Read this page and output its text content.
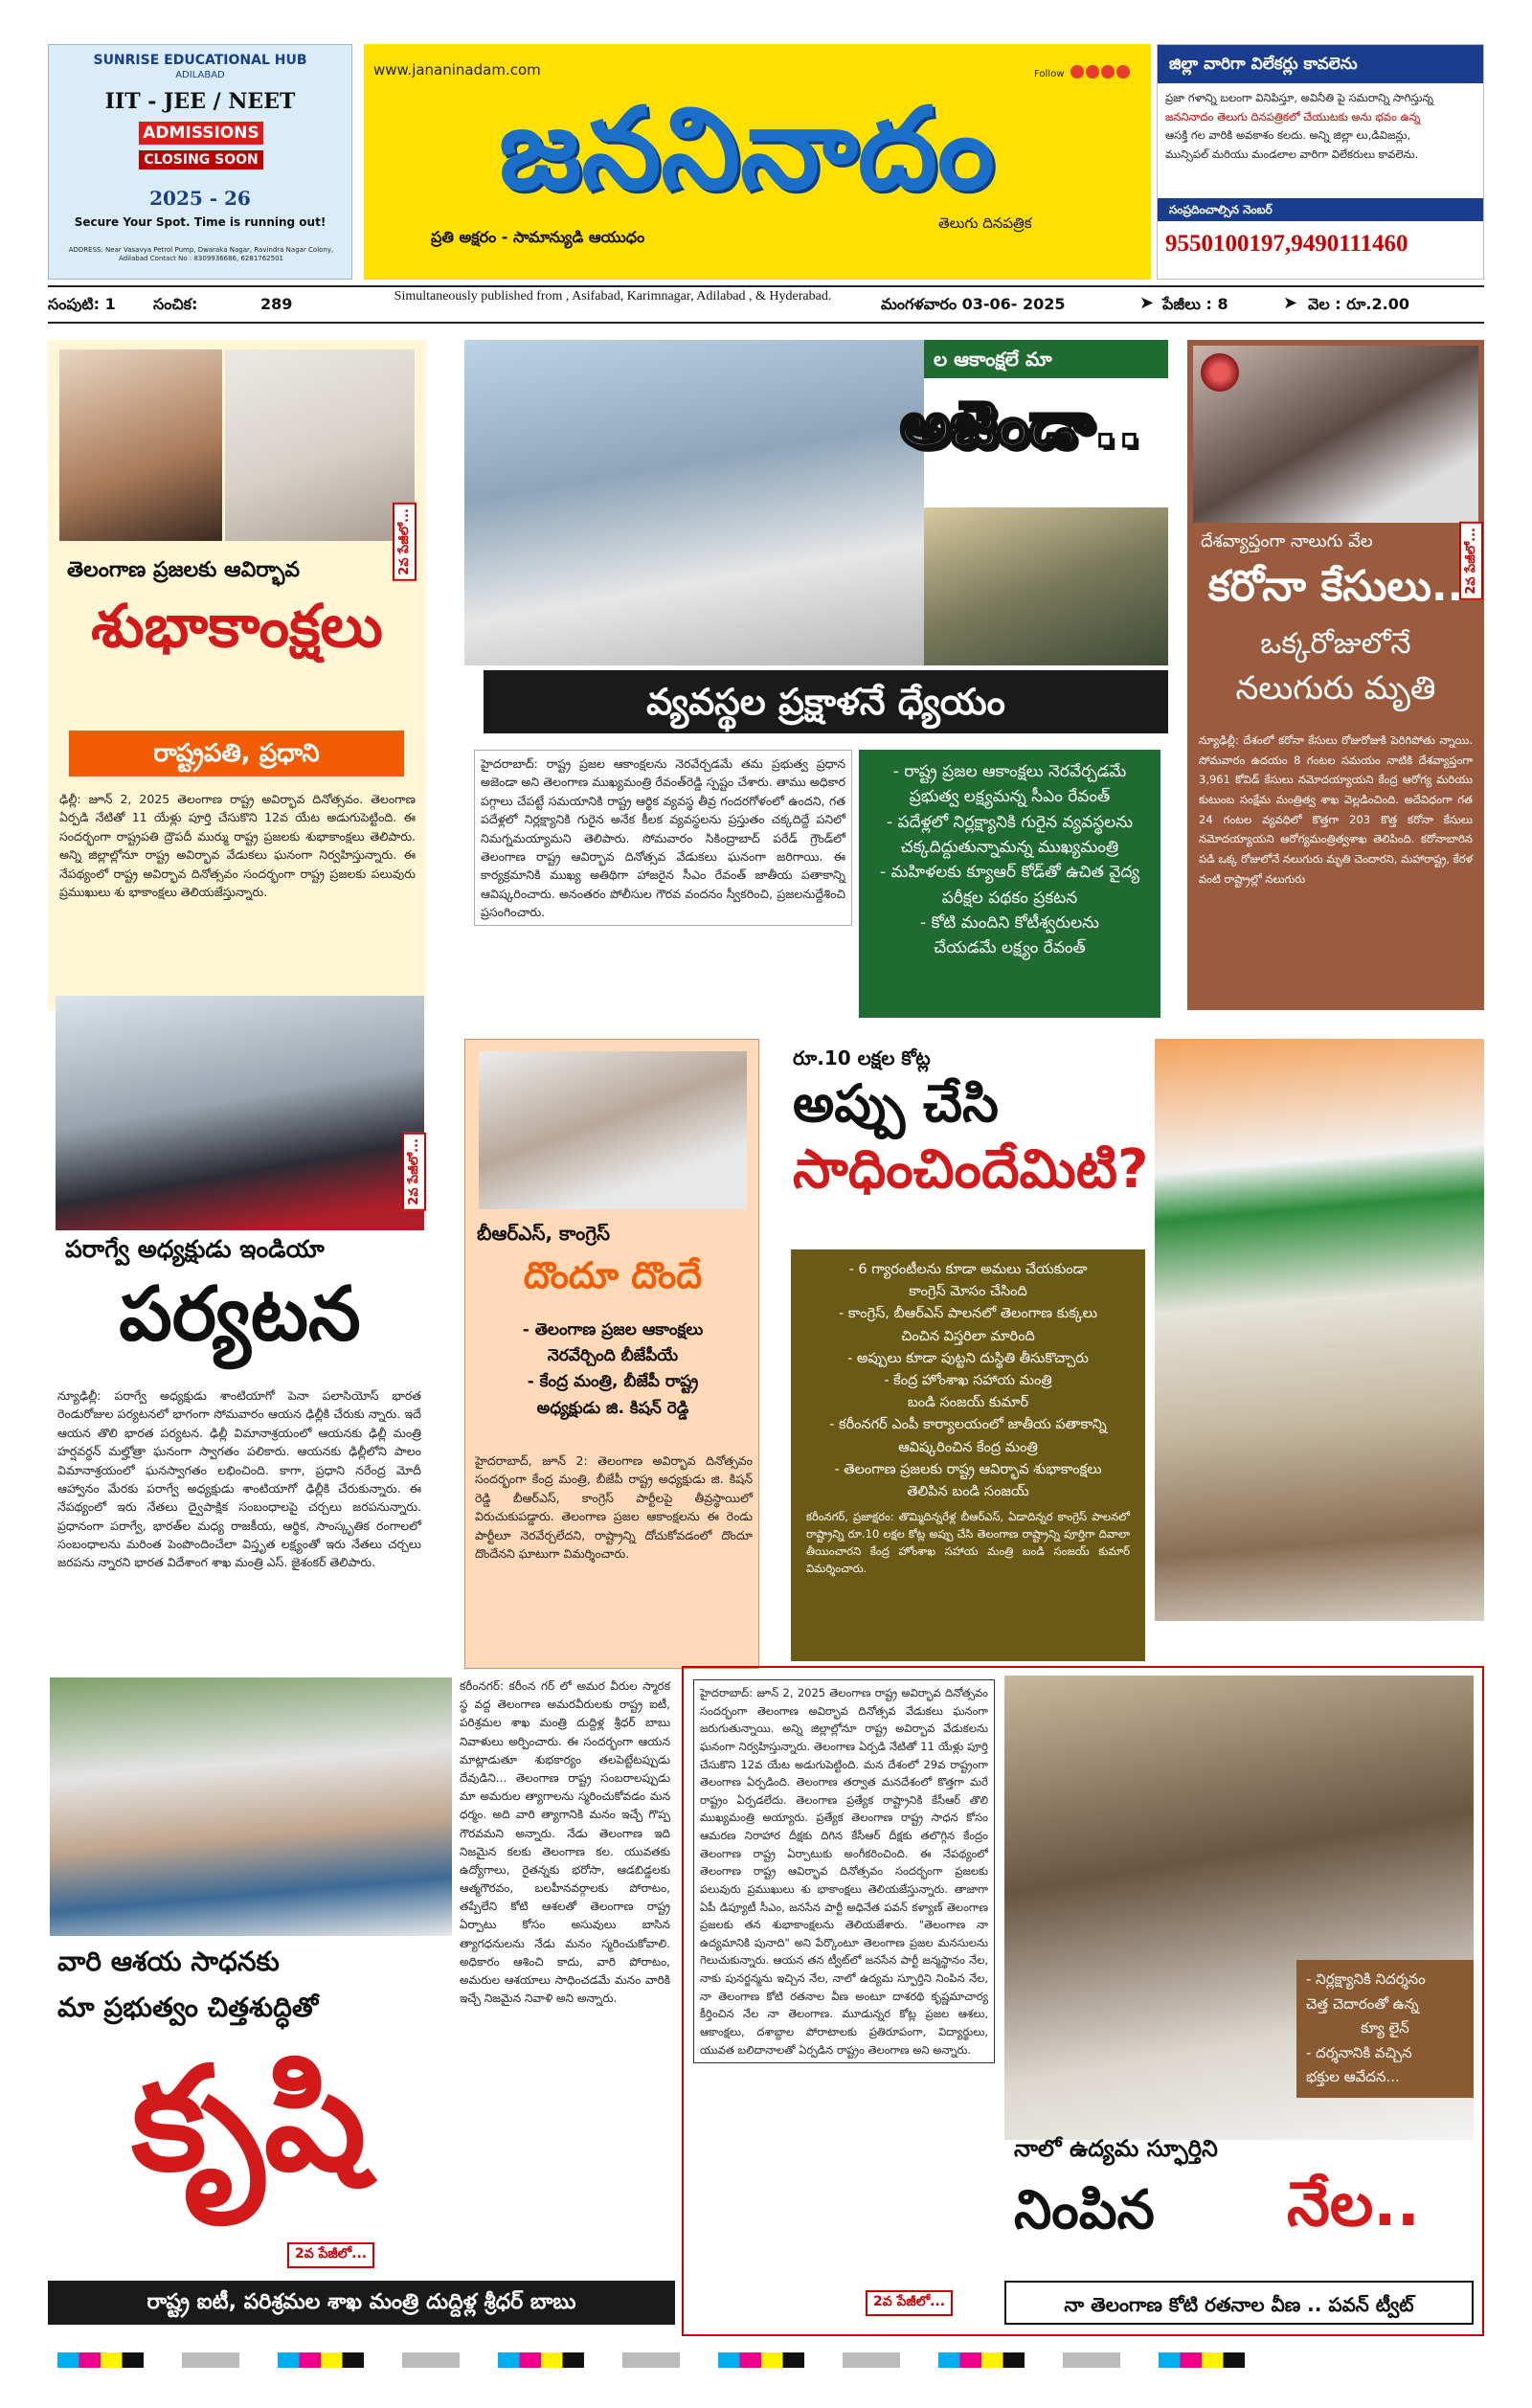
SUNRISE EDUCATIONAL HUB
ADILABAD
IIT - JEE / NEET
ADMISSIONS
CLOSING SOON
2025 - 26
Secure Your Spot. Time is running out!
ADDRESS: Near Vasavya Petrol Pump, Dwaraka Nagar, Ravindra Nagar Colony, Adilabad Contact No : 8309936686, 6281762501
www.jananinadam.com	Follow
జననినాదం
ప్రతి అక్షరం - సామాన్యుడి ఆయుధం
తెలుగు దినపత్రిక
జిల్లా వారిగా విలేకర్లు కావలెను
ప్రజా గళాన్ని బలంగా వినిపిస్తూ, అవినీతి పై సమరాన్ని సాగిస్తున్న
జననినాదం తెలుగు దినపత్రికలో చేయుటకు అను భవం ఉన్న
ఆసక్తి గల వారికి అవకాశం కలదు. అన్ని జిల్లా లు,డివిజన్లు,
మున్సిపల్ మరియు మండలాల వారిగా విలేకరులు కావలెను.
సంప్రదించాల్సిన నెంబర్
9550100197,9490111460
సంపుటి: 1 సంచిక:	289	Simultaneously published from , Asifabad, Karimnagar, Adilabad , & Hyderabad.	మంగళవారం 03-06- 2025	➤ పేజీలు : 8	➤ వెల : రూ.2.00
2వ పేజీలో...
తెలంగాణ ప్రజలకు ఆవిర్భావ
శుభాకాంక్షలు
రాష్ట్రపతి, ప్రధాని
ఢిల్లీ: జూన్ 2, 2025 తెలంగాణ రాష్ట్ర అవిర్భావ దినోత్సవం. తెలంగాణ ఏర్పడి నేటితో 11 యేళ్లు పూర్తి చేసుకొని 12వ యేట అడుగుపెట్టింది. ఈ సందర్భంగా రాష్ట్రపతి ద్రౌపదీ ముర్ము రాష్ట్ర ప్రజలకు శుభాకాంక్షలు తెలిపారు. అన్ని జిల్లాల్లోనూ రాష్ట్ర అవిర్భావ వేడుకలు ఘనంగా నిర్వహిస్తున్నారు. ఈ నేపథ్యంలో రాష్ట్ర అవిర్భావ దినోత్సవం సందర్భంగా రాష్ట్ర ప్రజలకు పలువురు ప్రముఖులు శు భాకాంక్షలు తెలియజేస్తున్నారు.
ల ఆకాంక్షలే మా
అజెండా..
వ్యవస్థల ప్రక్షాళనే ధ్యేయం
హైదరాబాద్: రాష్ట్ర ప్రజల ఆకాంక్షలను నెరవేర్చడమే తమ ప్రభుత్వ ప్రధాన అజెండా అని తెలంగాణ ముఖ్యమంత్రి రేవంత్‌రెడ్డి స్పష్టం చేశారు. తాము అధికార పగ్గాలు చేపట్టే సమయానికి రాష్ట్ర ఆర్థిక వ్యవస్థ తీవ్ర గందరగోళంలో ఉందని, గత పదేళ్లలో నిర్లక్ష్యానికి గురైన అనేక కీలక వ్యవస్థలను ప్రస్తుతం చక్కదిద్దే పనిలో నిమగ్నమయ్యామని తెలిపారు. సోమవారం సికింద్రాబాద్ పరేడ్ గ్రౌండ్‌లో తెలంగాణ రాష్ట్ర ఆవిర్భావ దినోత్సవ వేడుకలు ఘనంగా జరిగాయి. ఈ కార్యక్రమానికి ముఖ్య అతిథిగా హాజరైన సీఎం రేవంత్ జాతీయ పతాకాన్ని ఆవిష్కరించారు. అనంతరం పోలీసుల గౌరవ వందనం స్వీకరించి, ప్రజలనుద్దేశించి ప్రసంగించారు.
- రాష్ట్ర ప్రజల ఆకాంక్షలు నెరవేర్చడమే
ప్రభుత్వ లక్ష్యమన్న సీఎం రేవంత్
- పదేళ్లలో నిర్లక్ష్యానికి గురైన వ్యవస్థలను
చక్కదిద్దుతున్నామన్న ముఖ్యమంత్రి
- మహిళలకు క్యూఆర్ కోడ్‌తో ఉచిత వైద్య
పరీక్షల పథకం ప్రకటన
- కోటి మందిని కోటీశ్వరులను
చేయడమే లక్ష్యం రేవంత్
2వ పేజీలో...
దేశవ్యాప్తంగా నాలుగు వేల
కరోనా కేసులు..
ఒక్కరోజులోనే
నలుగురు మృతి
న్యూఢిల్లీ: దేశంలో కరోనా కేసులు రోజురోజుకి పెరిగిపోతు న్నాయి. సోమవారం ఉదయం 8 గంటల సమయం నాటికి దేశవ్యాప్తంగా 3,961 కోవిడ్ కేసులు నమోదయ్యాయని కేంద్ర ఆరోగ్య మరియు కుటుంబ సంక్షేమ మంత్రిత్వ శాఖ వెల్లడించింది. అదేవిధంగా గత 24 గంటల వ్యవధిలో కొత్తగా 203 కొత్త కరోనా కేసులు నమోదయ్యాయని ఆరోగ్యమంత్రిత్వశాఖ తెలిపింది. కరోనాబారిన పడి ఒక్క రోజులోనే నలుగురు మృతి చెందారని, మహారాష్ట్ర, కేరళ వంటి రాష్ట్రాల్లో నలుగురు
2వ పేజీలో...
పరాగ్వే అధ్యక్షుడు ఇండియా
పర్యటన
న్యూఢిల్లీ: పరాగ్వే అధ్యక్షుడు శాంటియాగో పెనా పలాసియోస్ భారత రెండురోజుల పర్యటనలో భాగంగా సోమవారం ఆయన ఢిల్లీకి చేరుకు న్నారు. ఇదే ఆయన తొలి భారత పర్యటన. ఢిల్లీ విమానాశ్రయంలో ఆయనకు ఢిల్లీ మంత్రి హర్షవర్ధన్ మల్హోత్రా ఘనంగా స్వాగతం పలికారు. ఆయనకు ఢిల్లీలోని పాలం విమానాశ్రయంలో ఘనస్వాగతం లభించింది. కాగా, ప్రధాని నరేంద్ర మోదీ ఆహ్వానం మేరకు పరాగ్వే అధ్యక్షుడు శాంటియాగో ఢిల్లీకి చేరుకున్నారు. ఈ నేపథ్యంలో ఇరు నేతలు ద్వైపాక్షిక సంబంధాలపై చర్చలు జరపనున్నారు. ప్రధానంగా పరాగ్వే, భారత్‌ల మధ్య రాజకీయ, ఆర్థిక, సాంస్కృతిక రంగాలలో సంబంధాలను మరింత పెంపొందించేలా విస్తృత లక్ష్యంతో ఇరు నేతలు చర్చలు జరపను న్నారని భారత విదేశాంగ శాఖ మంత్రి ఎస్. జైశంకర్ తెలిపారు.
బీఆర్ఎస్, కాంగ్రెస్
దొందూ దొందే
- తెలంగాణ ప్రజల ఆకాంక్షలు
నెరవేర్చింది బీజేపీయే
- కేంద్ర మంత్రి, బీజేపీ రాష్ట్ర
అధ్యక్షుడు జి. కిషన్ రెడ్డి
హైదరాబాద్, జూన్ 2: తెలంగాణ అవిర్భావ దినోత్సవం సందర్భంగా కేంద్ర మంత్రి, బీజేపీ రాష్ట్ర అధ్యక్షుడు జి. కిషన్ రెడ్డి బీఆర్ఎస్, కాంగ్రెస్ పార్టీలపై తీవ్రస్థాయిలో విరుచుకుపడ్డారు. తెలంగాణ ప్రజల ఆకాంక్షలను ఈ రెండు పార్టీలూ నెరవేర్చలేదని, రాష్ట్రాన్ని దోచుకోవడంలో దొందూ దొందేనని ఘాటుగా విమర్శించారు.
రూ.10 లక్షల కోట్ల
అప్పు చేసి
సాధించిందేమిటి?
- 6 గ్యారంటీలను కూడా అమలు చేయకుండా
కాంగ్రెస్ మోసం చేసింది
- కాంగ్రెస్, బీఆర్ఎస్ పాలనలో తెలంగాణ కుక్కలు
చించిన విస్తరిలా మారింది
- అప్పులు కూడా పుట్టని దుస్థితి తీసుకొచ్చారు
- కేంద్ర హోంశాఖ సహాయ మంత్రి
బండి సంజయ్ కుమార్
- కరీంనగర్ ఎంపీ కార్యాలయంలో జాతీయ పతాకాన్ని
ఆవిష్కరించిన కేంద్ర మంత్రి
- తెలంగాణ ప్రజలకు రాష్ట్ర ఆవిర్భావ శుభాకాంక్షలు
తెలిపిన బండి సంజయ్
కరీంనగర్, ప్రజాక్షరం: తొమ్మిదిన్నరేళ్ల బీఆర్ఎస్, ఏడాదిన్నర కాంగ్రెస్ పాలనలో రాష్ట్రాన్ని రూ.10 లక్షల కోట్ల అప్పు చేసి తెలంగాణ రాష్ట్రాన్ని పూర్తిగా దివాలా తీయించారని కేంద్ర హోంశాఖ సహాయ మంత్రి బండి సంజయ్ కుమార్ విమర్శించారు.
కరీంనగర్: కరీంన గర్ లో అమర వీరుల స్మారక స్థ వద్ద తెలంగాణ అమరవీరులకు రాష్ట్ర ఐటీ, పరిశ్రమల శాఖ మంత్రి దుద్దిళ్ల శ్రీధర్ బాబు నివాళులు అర్పించారు. ఈ సందర్భంగా ఆయన మాట్లాడుతూ శుభకార్యం తలపెట్టేటప్పుడు దేవుడిని... తెలంగాణ రాష్ట్ర సంబరాలప్పుడు మా అమరుల త్యాగాలను స్మరించుకోవడం మన ధర్మం. అది వారి త్యాగానికి మనం ఇచ్చే గొప్ప గౌరవమని అన్నారు. నేడు తెలంగాణ ఇది నిజమైన కలకు తెలంగాణ కల. యువతకు ఉద్యోగాలు, రైతన్నకు భరోసా, ఆడబిడ్డలకు ఆత్మగౌరవం, బలహీనవర్గాలకు పోరాటం, తప్పేలేని కోటి ఆశలతో తెలంగాణ రాష్ట్ర ఏర్పాటు కోసం అసువులు బాసిన త్యాగధనులను నేడు మనం స్మరించుకోవాలి. అధికారం ఆశించి కాదు, వారి పోరాటం, అమరుల ఆశయాలు సాధించడమే మనం వారికి ఇచ్చే నిజమైన నివాళి అని అన్నారు.
వారి ఆశయ సాధనకు
మా ప్రభుత్వం చిత్తశుద్ధితో
కృషి
2వ పేజీలో...
రాష్ట్ర ఐటీ, పరిశ్రమల శాఖ మంత్రి దుద్దిళ్ల శ్రీధర్ బాబు
హైదరాబాద్: జూన్ 2, 2025 తెలంగాణ రాష్ట్ర అవిర్భావ దినోత్సవం సందర్భంగా తెలంగాణ అవిర్భావ దినోత్సవ వేడుకలు ఘనంగా జరుగుతున్నాయి. అన్ని జిల్లాల్లోనూ రాష్ట్ర అవిర్భావ వేడుకలను ఘనంగా నిర్వహిస్తున్నారు. తెలంగాణ ఏర్పడి నేటితో 11 యేళ్లు పూర్తి చేసుకొని 12వ యేట అడుగుపెట్టింది. మన దేశంలో 29వ రాష్ట్రంగా తెలంగాణ ఏర్పడింది. తెలంగాణ తర్వాత మనదేశంలో కొత్తగా మరే రాష్ట్రం ఏర్పడలేదు. తెలంగాణ ప్రత్యేక రాష్ట్రానికి కేసీఆర్ తొలి ముఖ్యమంత్రి అయ్యారు. ప్రత్యేక తెలంగాణ రాష్ట్ర సాధన కోసం ఆమరణ నిరాహార దీక్షకు దిగిన కేసీఆర్ దీక్షకు తలొగ్గిన కేంద్రం తెలంగాణ రాష్ట్ర ఏర్పాటుకు అంగీకరించింది. ఈ నేపథ్యంలో తెలంగాణ రాష్ట్ర ఆవిర్భావ దినోత్సవం సందర్భంగా ప్రజలకు పలువురు ప్రముఖులు శు భాకాంక్షలు తెలియజేస్తున్నారు. తాజాగా ఏపీ డిప్యూటీ సీఎం, జనసేన పార్టీ అధినేత పవన్ కళ్యాణ్ తెలంగాణ ప్రజలకు తన శుభాకాంక్షలను తెలియజేశారు. "తెలంగాణ నా ఉద్యమానికి పునాది" అని పేర్కొంటూ తెలంగాణ ప్రజల మనసులను గెలుచుకున్నారు. ఆయన తన ట్వీట్‌లో జనసేన పార్టీ జన్మస్థానం నేల, నాకు పునర్జన్మను ఇచ్చిన నేల, నాలో ఉద్యమ స్ఫూర్తిని నింపిన నేల, నా తెలంగాణ కోటి రతనాల వీణ అంటూ దాశరథి కృష్ణమాచార్య కీర్తించిన నేల నా తెలంగాణ. మూడున్నర కోట్ల ప్రజల ఆశలు, ఆకాంక్షలు, దశాబ్దాల పోరాటాలకు ప్రతిరూపంగా, విద్యార్థులు, యువత బలిదానాలతో ఏర్పడిన రాష్ట్రం తెలంగాణ అని అన్నారు.
- నిర్లక్ష్యానికి నిదర్శనం
చెత్త చెదారంతో ఉన్న
క్యూ లైన్
- దర్శనానికి వచ్చిన
భక్తుల ఆవేదన...
నాలో ఉద్యమ స్ఫూర్తిని
నింపిన నేల..
2వ పేజీలో...	నా తెలంగాణ కోటి రతనాల వీణ .. పవన్ ట్వీట్
